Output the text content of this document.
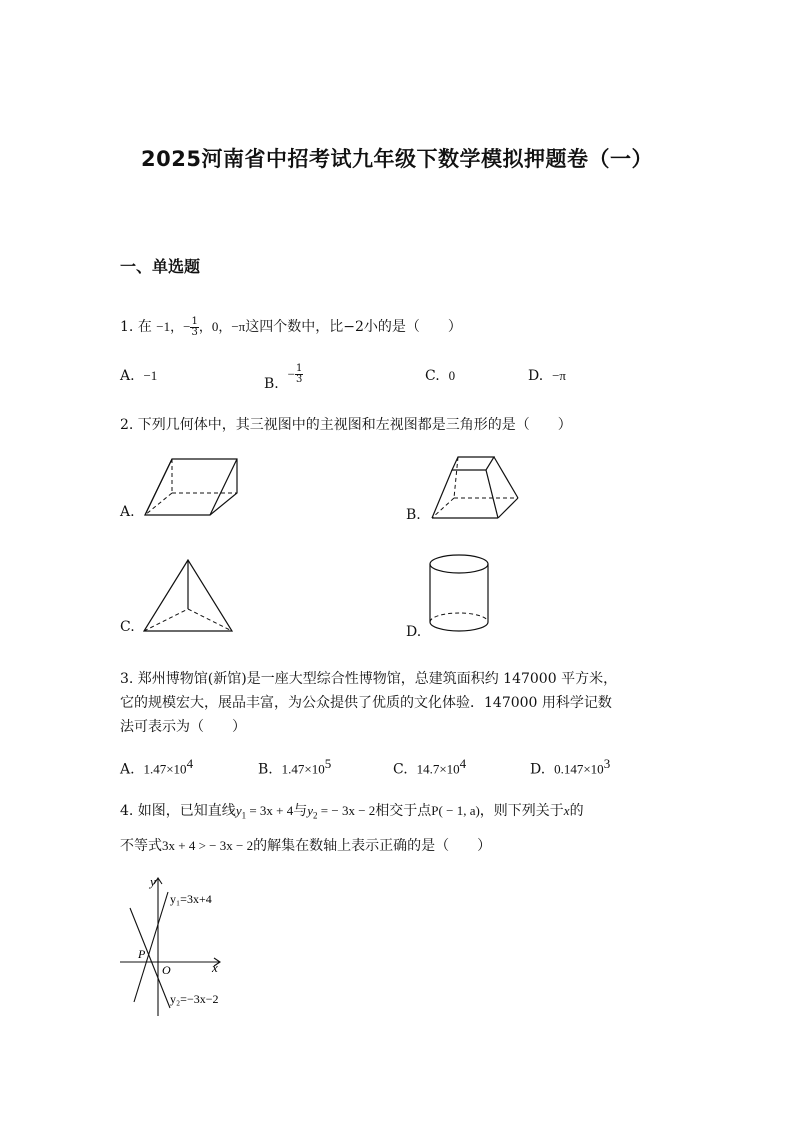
2025河南省中招考试九年级下数学模拟押题卷（一）
一、单选题
1. 在 −1，− $\frac{1}{3}$ ，0，−π这四个数中，比−2小的是（　　）
A. −1	B.  − $\frac{1}{3}$	C. 0	D. −π
2. 下列几何体中，其三视图中的主视图和左视图都是三角形的是（　　）
A.	B.
C.	D.
3. 郑州博物馆(新馆)是一座大型综合性博物馆，总建筑面积约 147000 平方米，
它的规模宏大，展品丰富，为公众提供了优质的文化体验．147000 用科学记数
法可表示为（　　）
A. $1.47\times 10^4$	B. $1.47\times 10^5$	C. $14.7\times 10^4$	D. $0.147\times 10^3$
4. 如图，已知直线$y_1 = 3x + 4$与$y_2$ = − 3x − 2相交于点P( − 1, a)，则下列关于x的
不等式3x + 4 > − 3x − 2的解集在数轴上表示正确的是（　　）
y
x
O
P
y₁=3x+4
y₂=−3x−2
